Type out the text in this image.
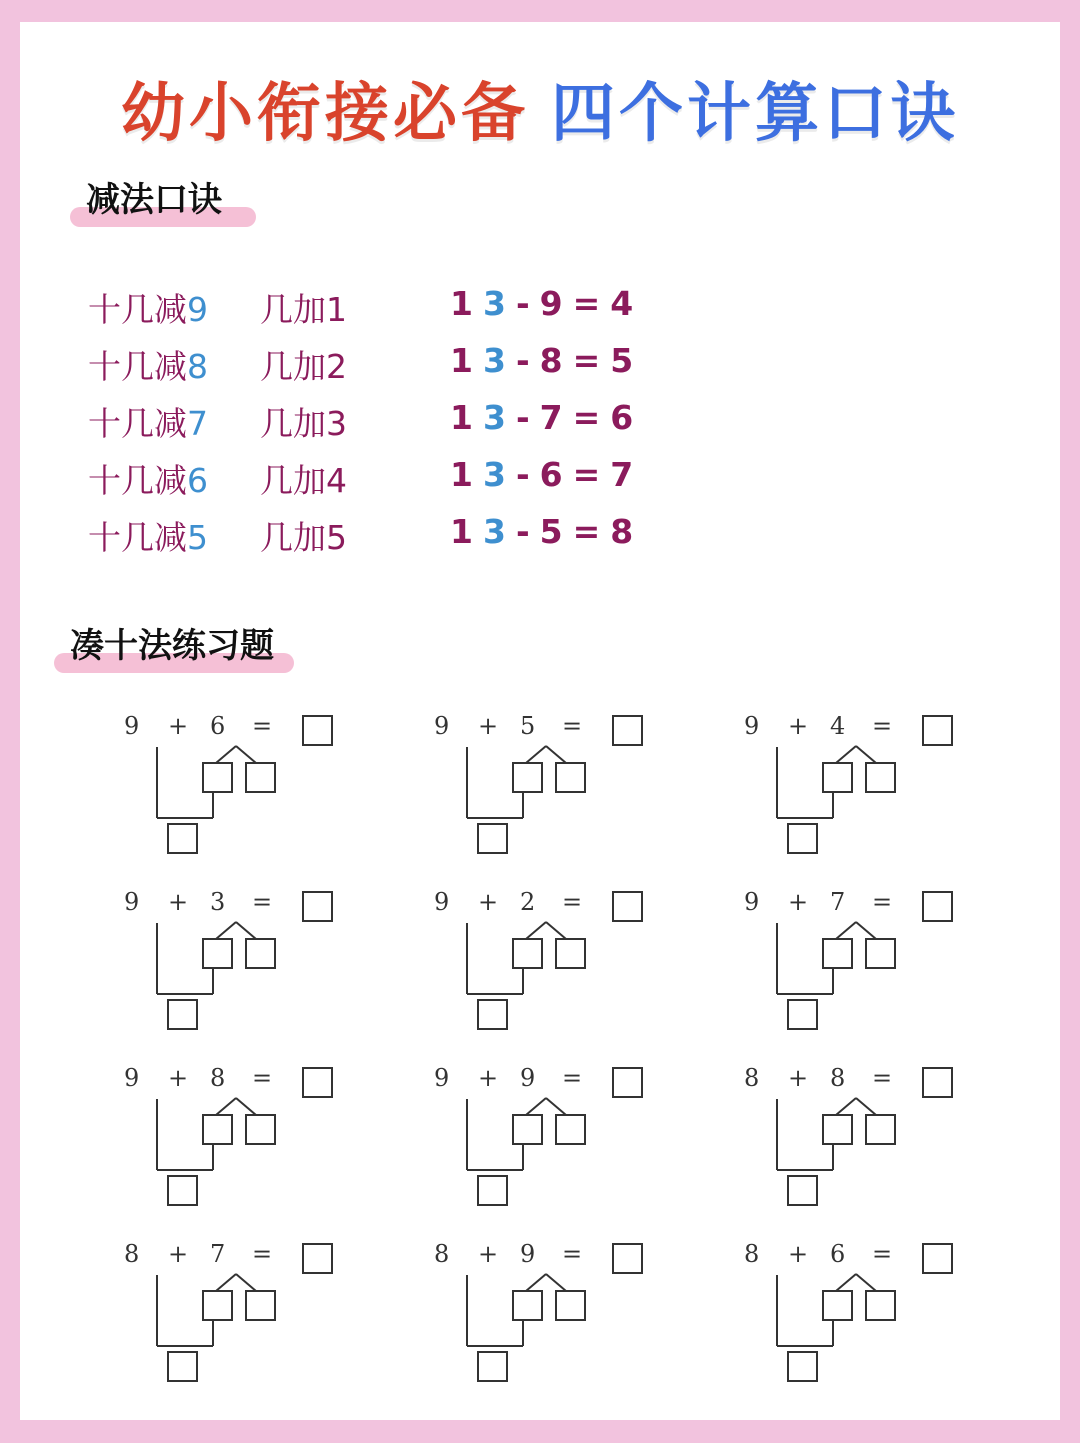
幼小衔接必备 四个计算口诀
减法口诀
十几减9 几加1	13-9=4
十几减8 几加2	13-8=5
十几减7 几加3	13-7=6
十几减6 几加4	13-6=7
十几减5 几加5	13-5=8
凑十法练习题
9 + 6 =	9 + 5 =	9 + 4 =
9 + 3 =	9 + 2 =	9 + 7 =
9 + 8 =	9 + 9 =	8 + 8 =
8 + 7 =	8 + 9 =	8 + 6 =
